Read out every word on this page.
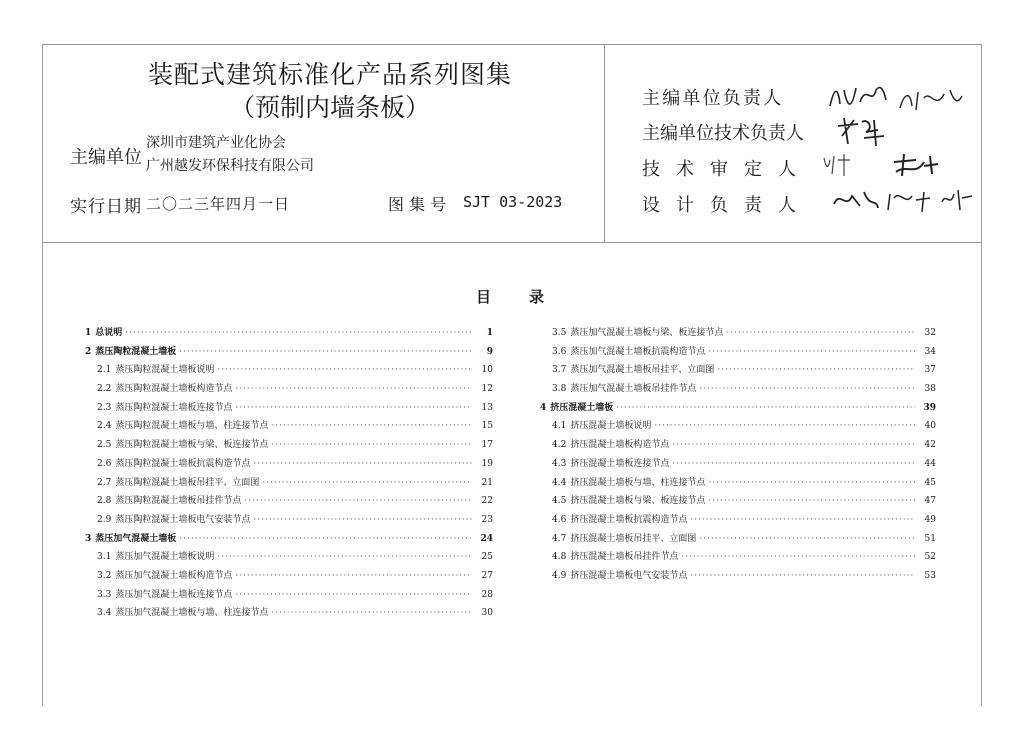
装配式建筑标准化产品系列图集
（预制内墙条板）
主编单位
深圳市建筑产业化协会
广州越发环保科技有限公司
实行日期 二〇二三年四月一日	图 集 号 SJT 03-2023
主编单位负责人
主编单位技术负责人
技术审定人
设计负责人
目录
1 总说明 ·····	1
2 蒸压陶粒混凝土墙板 ·····	9
2.1 蒸压陶粒混凝土墙板说明 ·····	10
2.2 蒸压陶粒混凝土墙板构造节点 ·····	12
2.3 蒸压陶粒混凝土墙板连接节点 ·····	13
2.4 蒸压陶粒混凝土墙板与墙、柱连接节点 ·····	15
2.5 蒸压陶粒混凝土墙板与梁、板连接节点 ·····	17
2.6 蒸压陶粒混凝土墙板抗震构造节点 ·····	19
2.7 蒸压陶粒混凝土墙板吊挂平、立面图 ·····	21
2.8 蒸压陶粒混凝土墙板吊挂件节点 ·····	22
2.9 蒸压陶粒混凝土墙板电气安装节点 ·····	23
3 蒸压加气混凝土墙板 ·····	24
3.1 蒸压加气混凝土墙板说明 ·····	25
3.2 蒸压加气混凝土墙板构造节点 ·····	27
3.3 蒸压加气混凝土墙板连接节点 ·····	28
3.4 蒸压加气混凝土墙板与墙、柱连接节点 ·····	30
3.5 蒸压加气混凝土墙板与梁、板连接节点 ·····	32
3.6 蒸压加气混凝土墙板抗震构造节点 ·····	34
3.7 蒸压加气混凝土墙板吊挂平、立面图 ·····	37
3.8 蒸压加气混凝土墙板吊挂件节点 ·····	38
4 挤压混凝土墙板 ·····	39
4.1 挤压混凝土墙板说明 ·····	40
4.2 挤压混凝土墙板构造节点 ·····	42
4.3 挤压混凝土墙板连接节点 ·····	44
4.4 挤压混凝土墙板与墙、柱连接节点 ·····	45
4.5 挤压混凝土墙板与梁、板连接节点 ·····	47
4.6 挤压混凝土墙板抗震构造节点 ·····	49
4.7 挤压混凝土墙板吊挂平、立面图 ·····	51
4.8 挤压混凝土墙板吊挂件节点 ·····	52
4.9 挤压混凝土墙板电气安装节点 ·····	53
